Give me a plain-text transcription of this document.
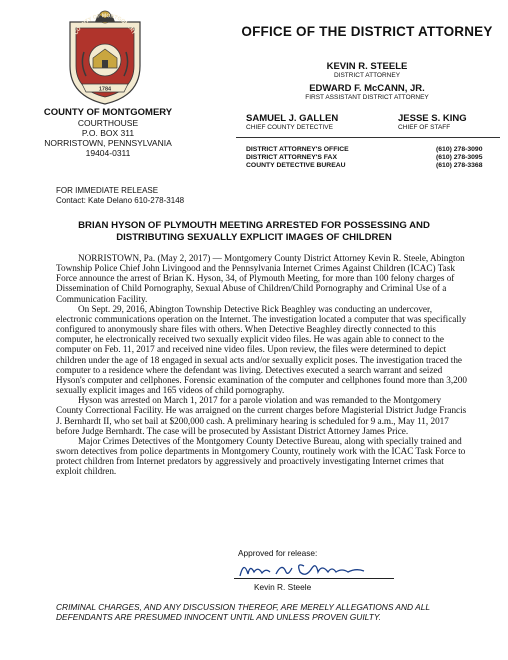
COUNTY OF MONTGOMERY
1784
COUNTY OF MONTGOMERY
COURTHOUSE
P.O. BOX 311
NORRISTOWN, PENNSYLVANIA
19404-0311
OFFICE OF THE DISTRICT ATTORNEY
KEVIN R. STEELE
DISTRICT ATTORNEY
EDWARD F. McCANN, JR.
FIRST ASSISTANT DISTRICT ATTORNEY
SAMUEL J. GALLEN
CHIEF COUNTY DETECTIVE
JESSE S. KING
CHIEF OF STAFF
DISTRICT ATTORNEY'S OFFICE	(610) 278-3090
DISTRICT ATTORNEY'S FAX	(610) 278-3095
COUNTY DETECTIVE BUREAU	(610) 278-3368
FOR IMMEDIATE RELEASE
Contact: Kate Delano 610-278-3148
BRIAN HYSON OF PLYMOUTH MEETING ARRESTED FOR POSSESSING AND
DISTRIBUTING SEXUALLY EXPLICIT IMAGES OF CHILDREN

NORRISTOWN, Pa. (May 2, 2017) — Montgomery County District Attorney Kevin R. Steele, Abington Township Police Chief John Livingood and the Pennsylvania Internet Crimes Against Children (ICAC) Task Force announce the arrest of Brian K. Hyson, 34, of Plymouth Meeting, for more than 100 felony charges of Dissemination of Child Pornography, Sexual Abuse of Children/Child Pornography and Criminal Use of a Communication Facility.

On Sept. 29, 2016, Abington Township Detective Rick Beaghley was conducting an undercover, electronic communications operation on the Internet. The investigation located a computer that was specifically configured to anonymously share files with others. When Detective Beaghley directly connected to this computer, he electronically received two sexually explicit video files. He was again able to connect to the computer on Feb. 11, 2017 and received nine video files. Upon review, the files were determined to depict children under the age of 18 engaged in sexual acts and/or sexually explicit poses. The investigation traced the computer to a residence where the defendant was living. Detectives executed a search warrant and seized Hyson's computer and cellphones. Forensic examination of the computer and cellphones found more than 3,200 sexually explicit images and 165 videos of child pornography.

Hyson was arrested on March 1, 2017 for a parole violation and was remanded to the Montgomery County Correctional Facility. He was arraigned on the current charges before Magisterial District Judge Francis J. Bernhardt II, who set bail at $200,000 cash. A preliminary hearing is scheduled for 9 a.m., May 11, 2017 before Judge Bernhardt. The case will be prosecuted by Assistant District Attorney James Price.

Major Crimes Detectives of the Montgomery County Detective Bureau, along with specially trained and sworn detectives from police departments in Montgomery County, routinely work with the ICAC Task Force to protect children from Internet predators by aggressively and proactively investigating Internet crimes that exploit children.

Approved for release:
Kevin R. Steele
CRIMINAL CHARGES, AND ANY DISCUSSION THEREOF, ARE MERELY ALLEGATIONS AND ALL
DEFENDANTS ARE PRESUMED INNOCENT UNTIL AND UNLESS PROVEN GUILTY.
